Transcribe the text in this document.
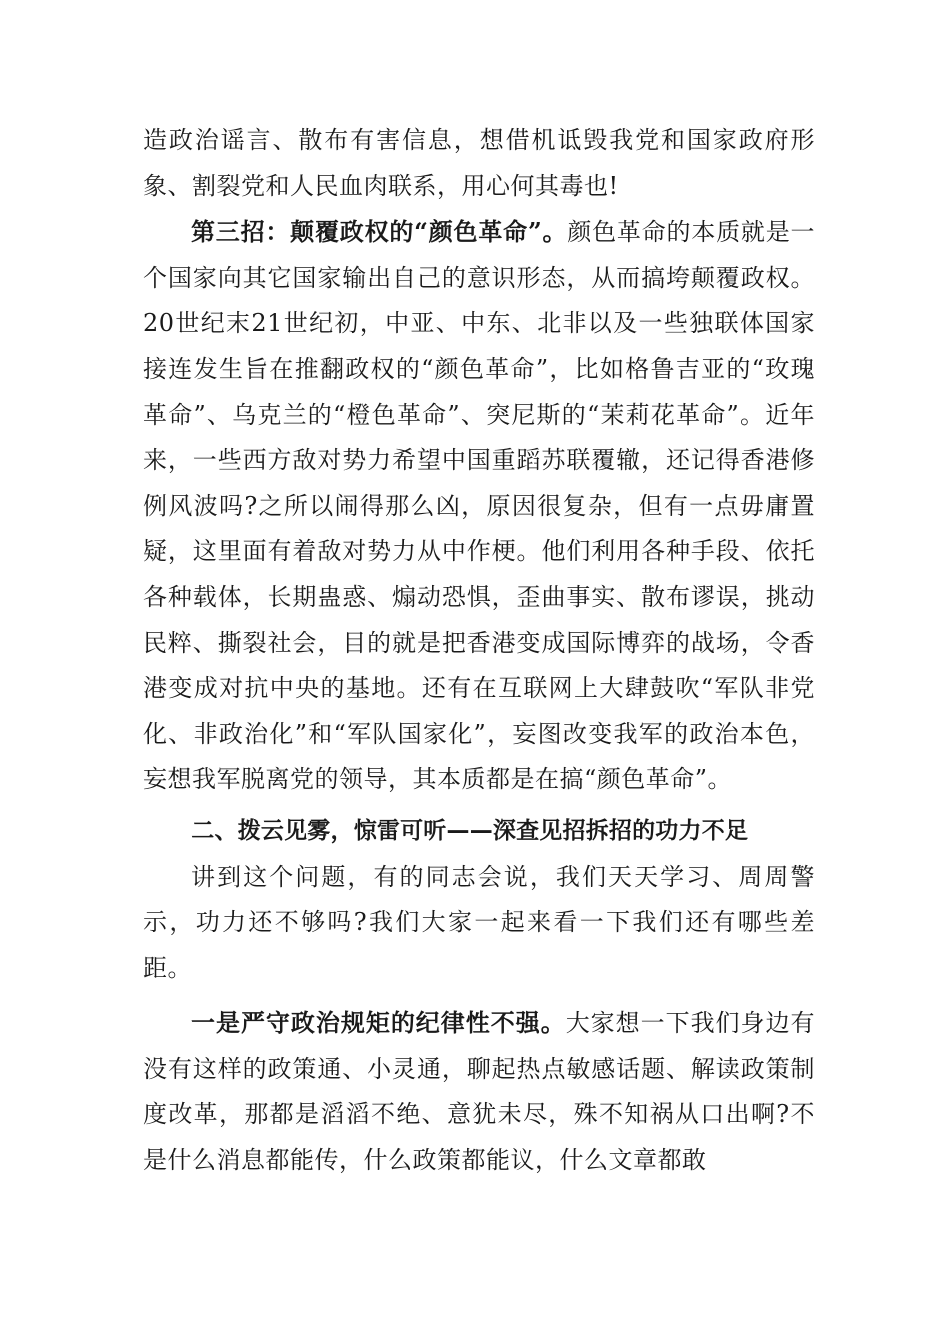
造政治谣言、散布有害信息，想借机诋毁我党和国家政府形象、割裂党和人民血肉联系，用心何其毒也!

第三招：颠覆政权的“颜色革命”。颜色革命的本质就是一个国家向其它国家输出自己的意识形态，从而搞垮颠覆政权。20世纪末21世纪初，中亚、中东、北非以及一些独联体国家接连发生旨在推翻政权的“颜色革命”，比如格鲁吉亚的“玫瑰革命”、乌克兰的“橙色革命”、突尼斯的“茉莉花革命”。近年来，一些西方敌对势力希望中国重蹈苏联覆辙，还记得香港修例风波吗?之所以闹得那么凶，原因很复杂，但有一点毋庸置疑，这里面有着敌对势力从中作梗。他们利用各种手段、依托各种载体，长期蛊惑、煽动恐惧，歪曲事实、散布谬误，挑动民粹、撕裂社会，目的就是把香港变成国际博弈的战场，令香港变成对抗中央的基地。还有在互联网上大肆鼓吹“军队非党化、非政治化”和“军队国家化”，妄图改变我军的政治本色，妄想我军脱离党的领导，其本质都是在搞“颜色革命”。

二、拨云见雾，惊雷可听——深查见招拆招的功力不足

讲到这个问题，有的同志会说，我们天天学习、周周警示，功力还不够吗?我们大家一起来看一下我们还有哪些差距。

一是严守政治规矩的纪律性不强。大家想一下我们身边有没有这样的政策通、小灵通，聊起热点敏感话题、解读政策制度改革，那都是滔滔不绝、意犹未尽，殊不知祸从口出啊?不是什么消息都能传，什么政策都能议，什么文章都敢
